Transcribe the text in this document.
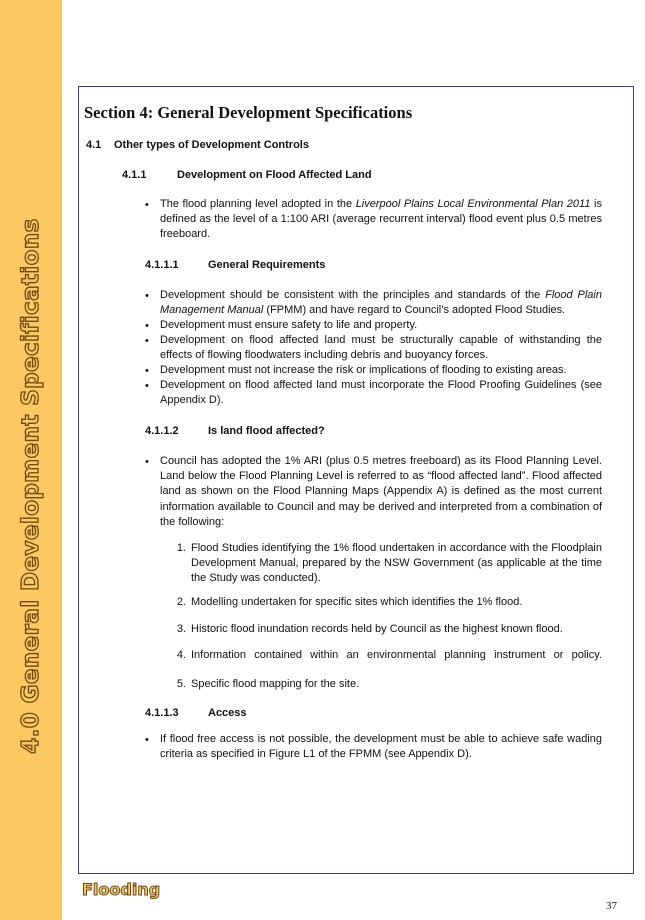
4.0 General Development Specifications
Section 4: General Development Specifications
4.1 Other types of Development Controls
4.1.1	Development on Flood Affected Land
• The flood planning level adopted in the Liverpool Plains Local Environmental Plan 2011 is defined as the level of a 1:100 ARI (average recurrent interval) flood event plus 0.5 metres freeboard.
4.1.1.1	General Requirements
• Development should be consistent with the principles and standards of the Flood Plain Management Manual (FPMM) and have regard to Council’s adopted Flood Studies.
• Development must ensure safety to life and property.
• Development on flood affected land must be structurally capable of withstanding the effects of flowing floodwaters including debris and buoyancy forces.
• Development must not increase the risk or implications of flooding to existing areas.
• Development on flood affected land must incorporate the Flood Proofing Guidelines (see Appendix D).
4.1.1.2	Is land flood affected?
• Council has adopted the 1% ARI (plus 0.5 metres freeboard) as its Flood Planning Level. Land below the Flood Planning Level is referred to as “flood affected land”. Flood affected land as shown on the Flood Planning Maps (Appendix A) is defined as the most current information available to Council and may be derived and interpreted from a combination of the following:
1. Flood Studies identifying the 1% flood undertaken in accordance with the Floodplain Development Manual, prepared by the NSW Government (as applicable at the time the Study was conducted).
2. Modelling undertaken for specific sites which identifies the 1% flood.
3. Historic flood inundation records held by Council as the highest known flood.
4. Information contained within an environmental planning instrument or policy.
5. Specific flood mapping for the site.
4.1.1.3	Access
• If flood free access is not possible, the development must be able to achieve safe wading criteria as specified in Figure L1 of the FPMM (see Appendix D).
Flooding
37
